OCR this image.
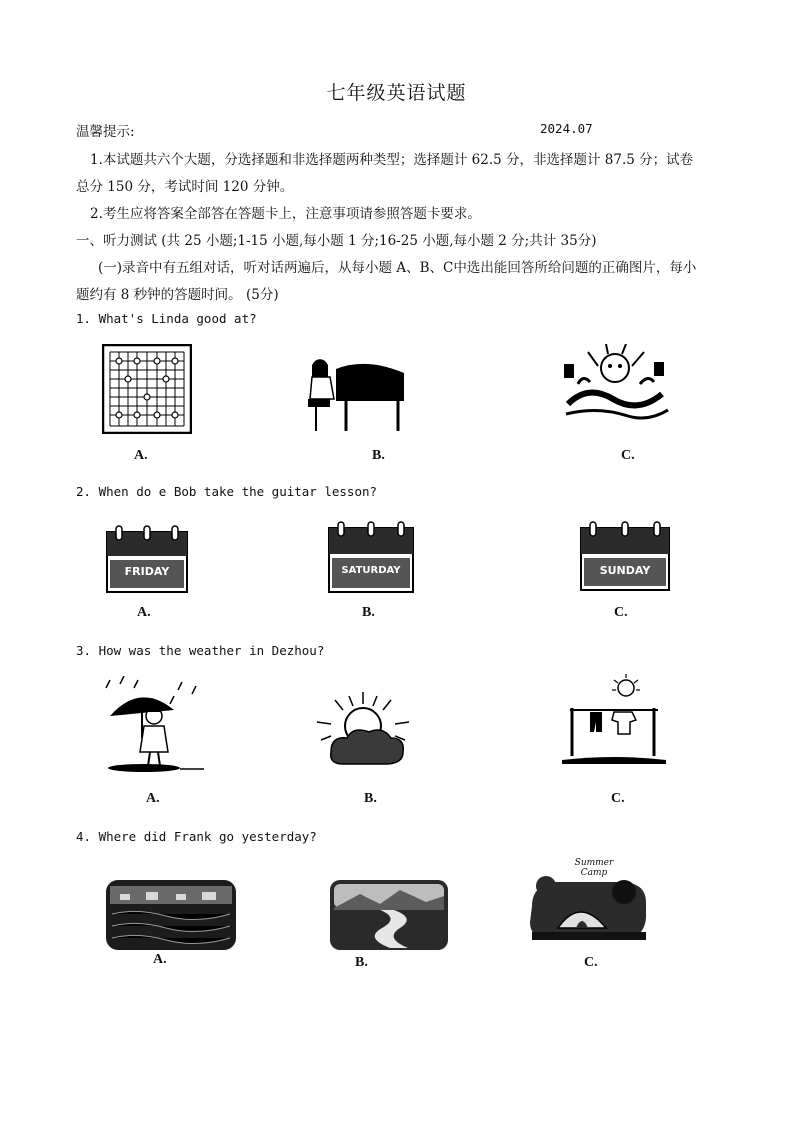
七年级英语试题
温馨提示:	2024.07
1.本试题共六个大题，分选择题和非选择题两种类型；选择题计 62.5 分，非选择题计 87.5 分；试卷
总分 150 分，考试时间 120 分钟。
2.考生应将答案全部答在答题卡上，注意事项请参照答题卡要求。
一、听力测试 (共 25 小题;1-15 小题,每小题 1 分;16-25 小题,每小题 2 分;共计 35分)
(一)录音中有五组对话，听对话两遍后，从每小题 A、B、C中选出能回答所给问题的正确图片，每小
题约有 8 秒钟的答题时间。 (5分)
1. What's Linda good at?
A.	B.	C.
2. When do e Bob take the guitar lesson?
FRIDAY
A.
SATURDAY
B.
SUNDAY
C.
3. How was the weather in Dezhou?
A.	B.	C.
4. Where did Frank go yesterday?
A.	B.
Summer Camp
C.
